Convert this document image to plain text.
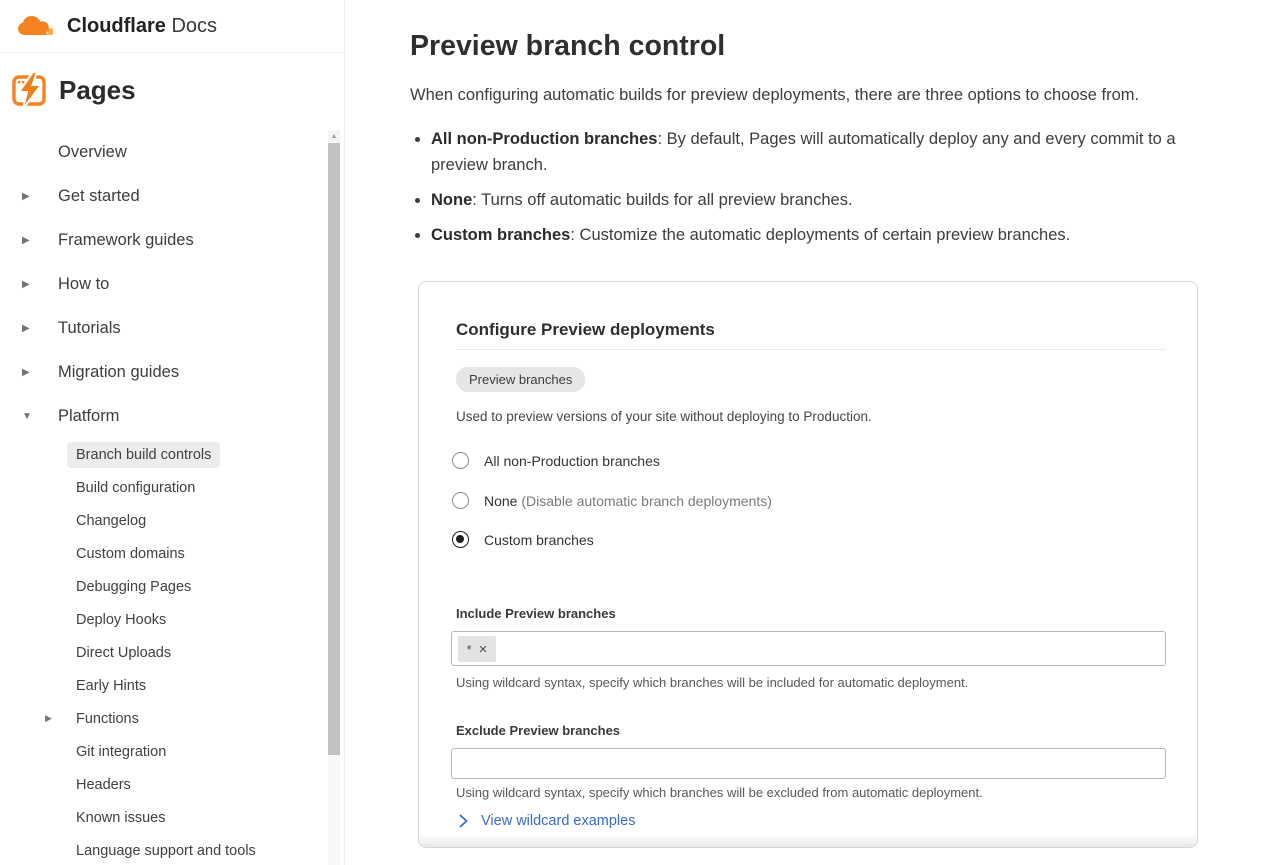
Cloudflare Docs
Pages
Overview
▶	Get started
▶	Framework guides
▶	How to
▶	Tutorials
▶	Migration guides
▼ Platform
Branch build controls
Build configuration
Changelog
Custom domains
Debugging Pages
Deploy Hooks
Direct Uploads
Early Hints
▶	Functions
Git integration
Headers
Known issues
Language support and tools
▲
Preview branch control

When configuring automatic builds for preview deployments, there are three options to choose from.

• All non-Production branches: By default, Pages will automatically deploy any and every commit to a preview branch.
• None: Turns off automatic builds for all preview branches.
• Custom branches: Customize the automatic deployments of certain preview branches.
Configure Preview deployments
Preview branches
Used to preview versions of your site without deploying to Production.
All non-Production branches
None (Disable automatic branch deployments)
Custom branches
Include Preview branches
* ×
Using wildcard syntax, specify which branches will be included for automatic deployment.
Exclude Preview branches
Using wildcard syntax, specify which branches will be excluded from automatic deployment.
View wildcard examples
